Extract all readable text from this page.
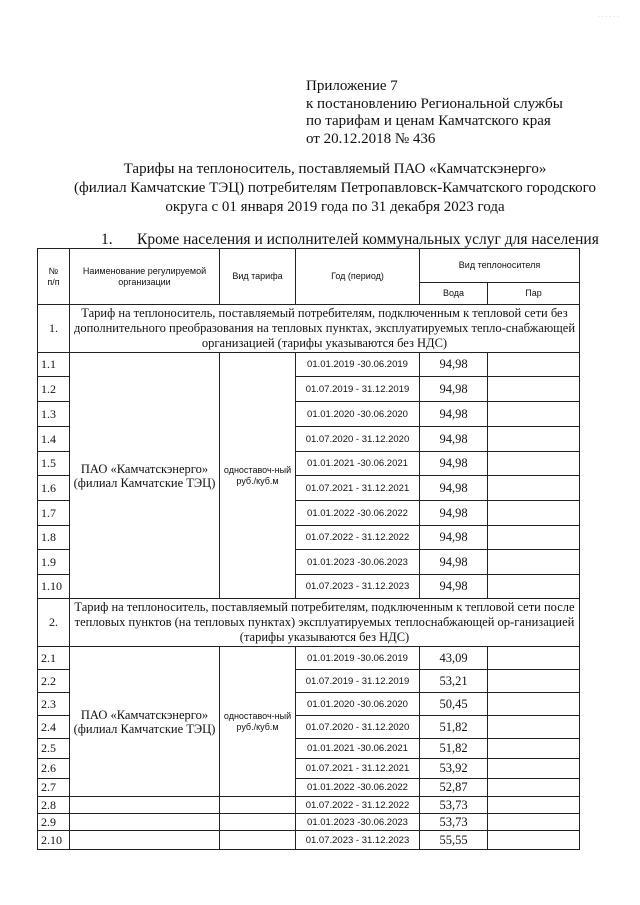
· · · · · ·
Приложение 7
к постановлению Региональной службы
по тарифам и ценам Камчатского края
от 20.12.2018 № 436
Тарифы на теплоноситель, поставляемый ПАО «Камчатскэнерго»
(филиал Камчатские ТЭЦ) потребителям Петропавловск-Камчатского городского
округа с 01 января 2019 года по 31 декабря 2023 года
1. Кроме населения и исполнителей коммунальных услуг для населения
№
п/п	Наименование регулируемой организации	Вид тарифа	Год (период)	Вид теплоносителя	
				Вода	Пар
1.	Тариф на теплоноситель, поставляемый потребителям, подключенным к тепловой сети без дополнительного преобразования на тепловых пунктах, эксплуатируемых тепло-снабжающей организацией (тарифы указываются без НДС)				
1.1	ПАО «Камчатскэнерго» (филиал Камчатские ТЭЦ)	одноставоч-ный руб./куб.м	01.01.2019 -30.06.2019	94,98	
1.2			01.07.2019 - 31.12.2019	94,98	
1.3			01.01.2020 -30.06.2020	94,98	
1.4			01.07.2020 - 31.12.2020	94,98	
1.5			01.01.2021 -30.06.2021	94,98	
1.6			01.07.2021 - 31.12.2021	94,98	
1.7			01.01.2022 -30.06.2022	94,98	
1.8			01.07.2022 - 31.12.2022	94,98	
1.9			01.01.2023 -30.06.2023	94,98	
1.10			01.07.2023 - 31.12.2023	94,98	
2.	Тариф на теплоноситель, поставляемый потребителям, подключенным к тепловой сети после тепловых пунктов (на тепловых пунктах) эксплуатируемых теплоснабжающей ор-ганизацией (тарифы указываются без НДС)				
2.1	ПАО «Камчатскэнерго» (филиал Камчатские ТЭЦ)	одноставоч-ный руб./куб.м	01.01.2019 -30.06.2019	43,09	
2.2			01.07.2019 - 31.12.2019	53,21	
2.3			01.01.2020 -30.06.2020	50,45	
2.4			01.07.2020 - 31.12.2020	51,82	
2.5			01.01.2021 -30.06.2021	51,82	
2.6			01.07.2021 - 31.12.2021	53,92	
2.7			01.01.2022 -30.06.2022	52,87	
2.8			01.07.2022 - 31.12.2022	53,73	
2.9			01.01.2023 -30.06.2023	53,73	
2.10			01.07.2023 - 31.12.2023	55,55	
